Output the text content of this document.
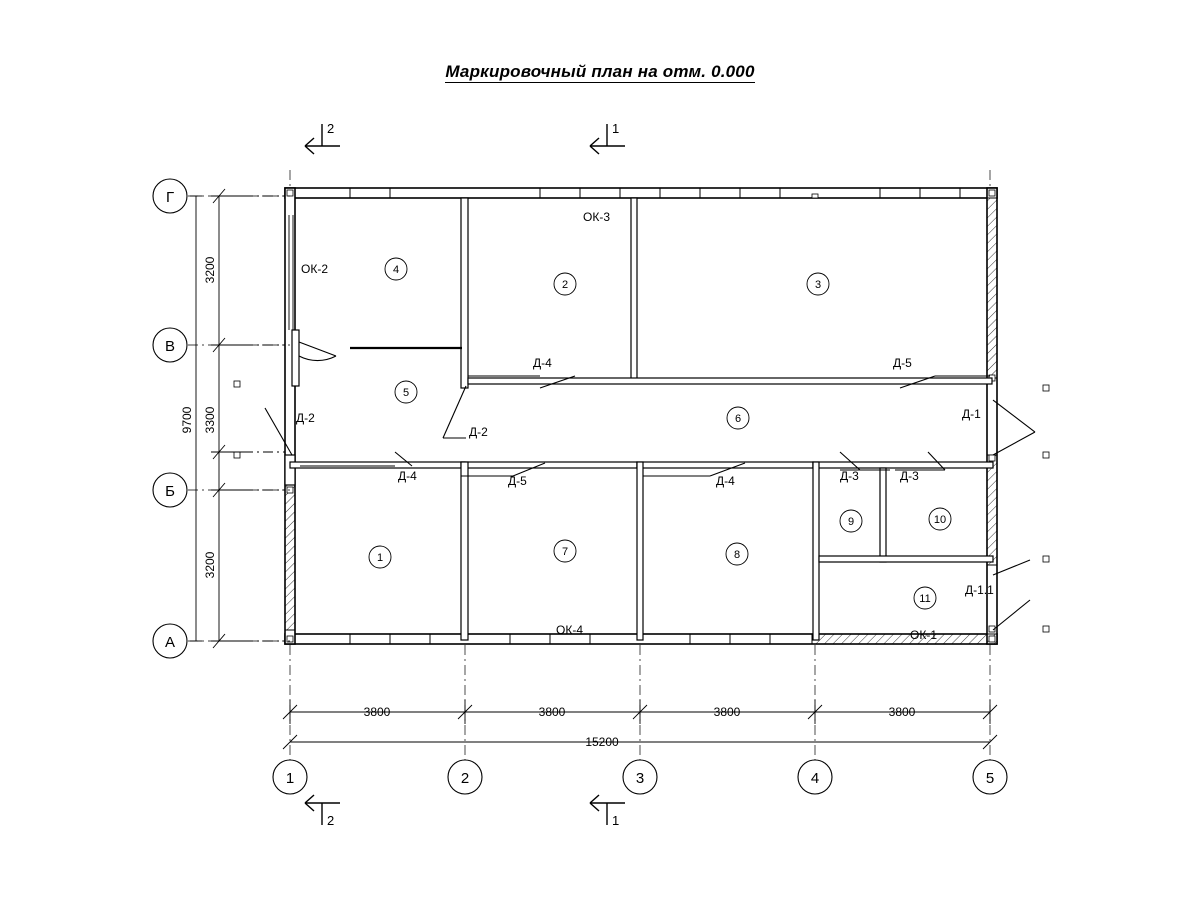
Маркировочный план на отм. 0.000
2	1
2	1
Г
В
Б
А
1	2	3	4	5
3200
3300
3200
9700
3800	3800	3800	3800
15200
4
2	3
5
6
1	7	8
9	10
11
ОК-2
ОК-3
ОК-4	ОК-1
Д-4	Д-5
Д-1
Д-2
Д-2
Д-4	Д-5	Д-4	Д-3	Д-3
Д-1.1
